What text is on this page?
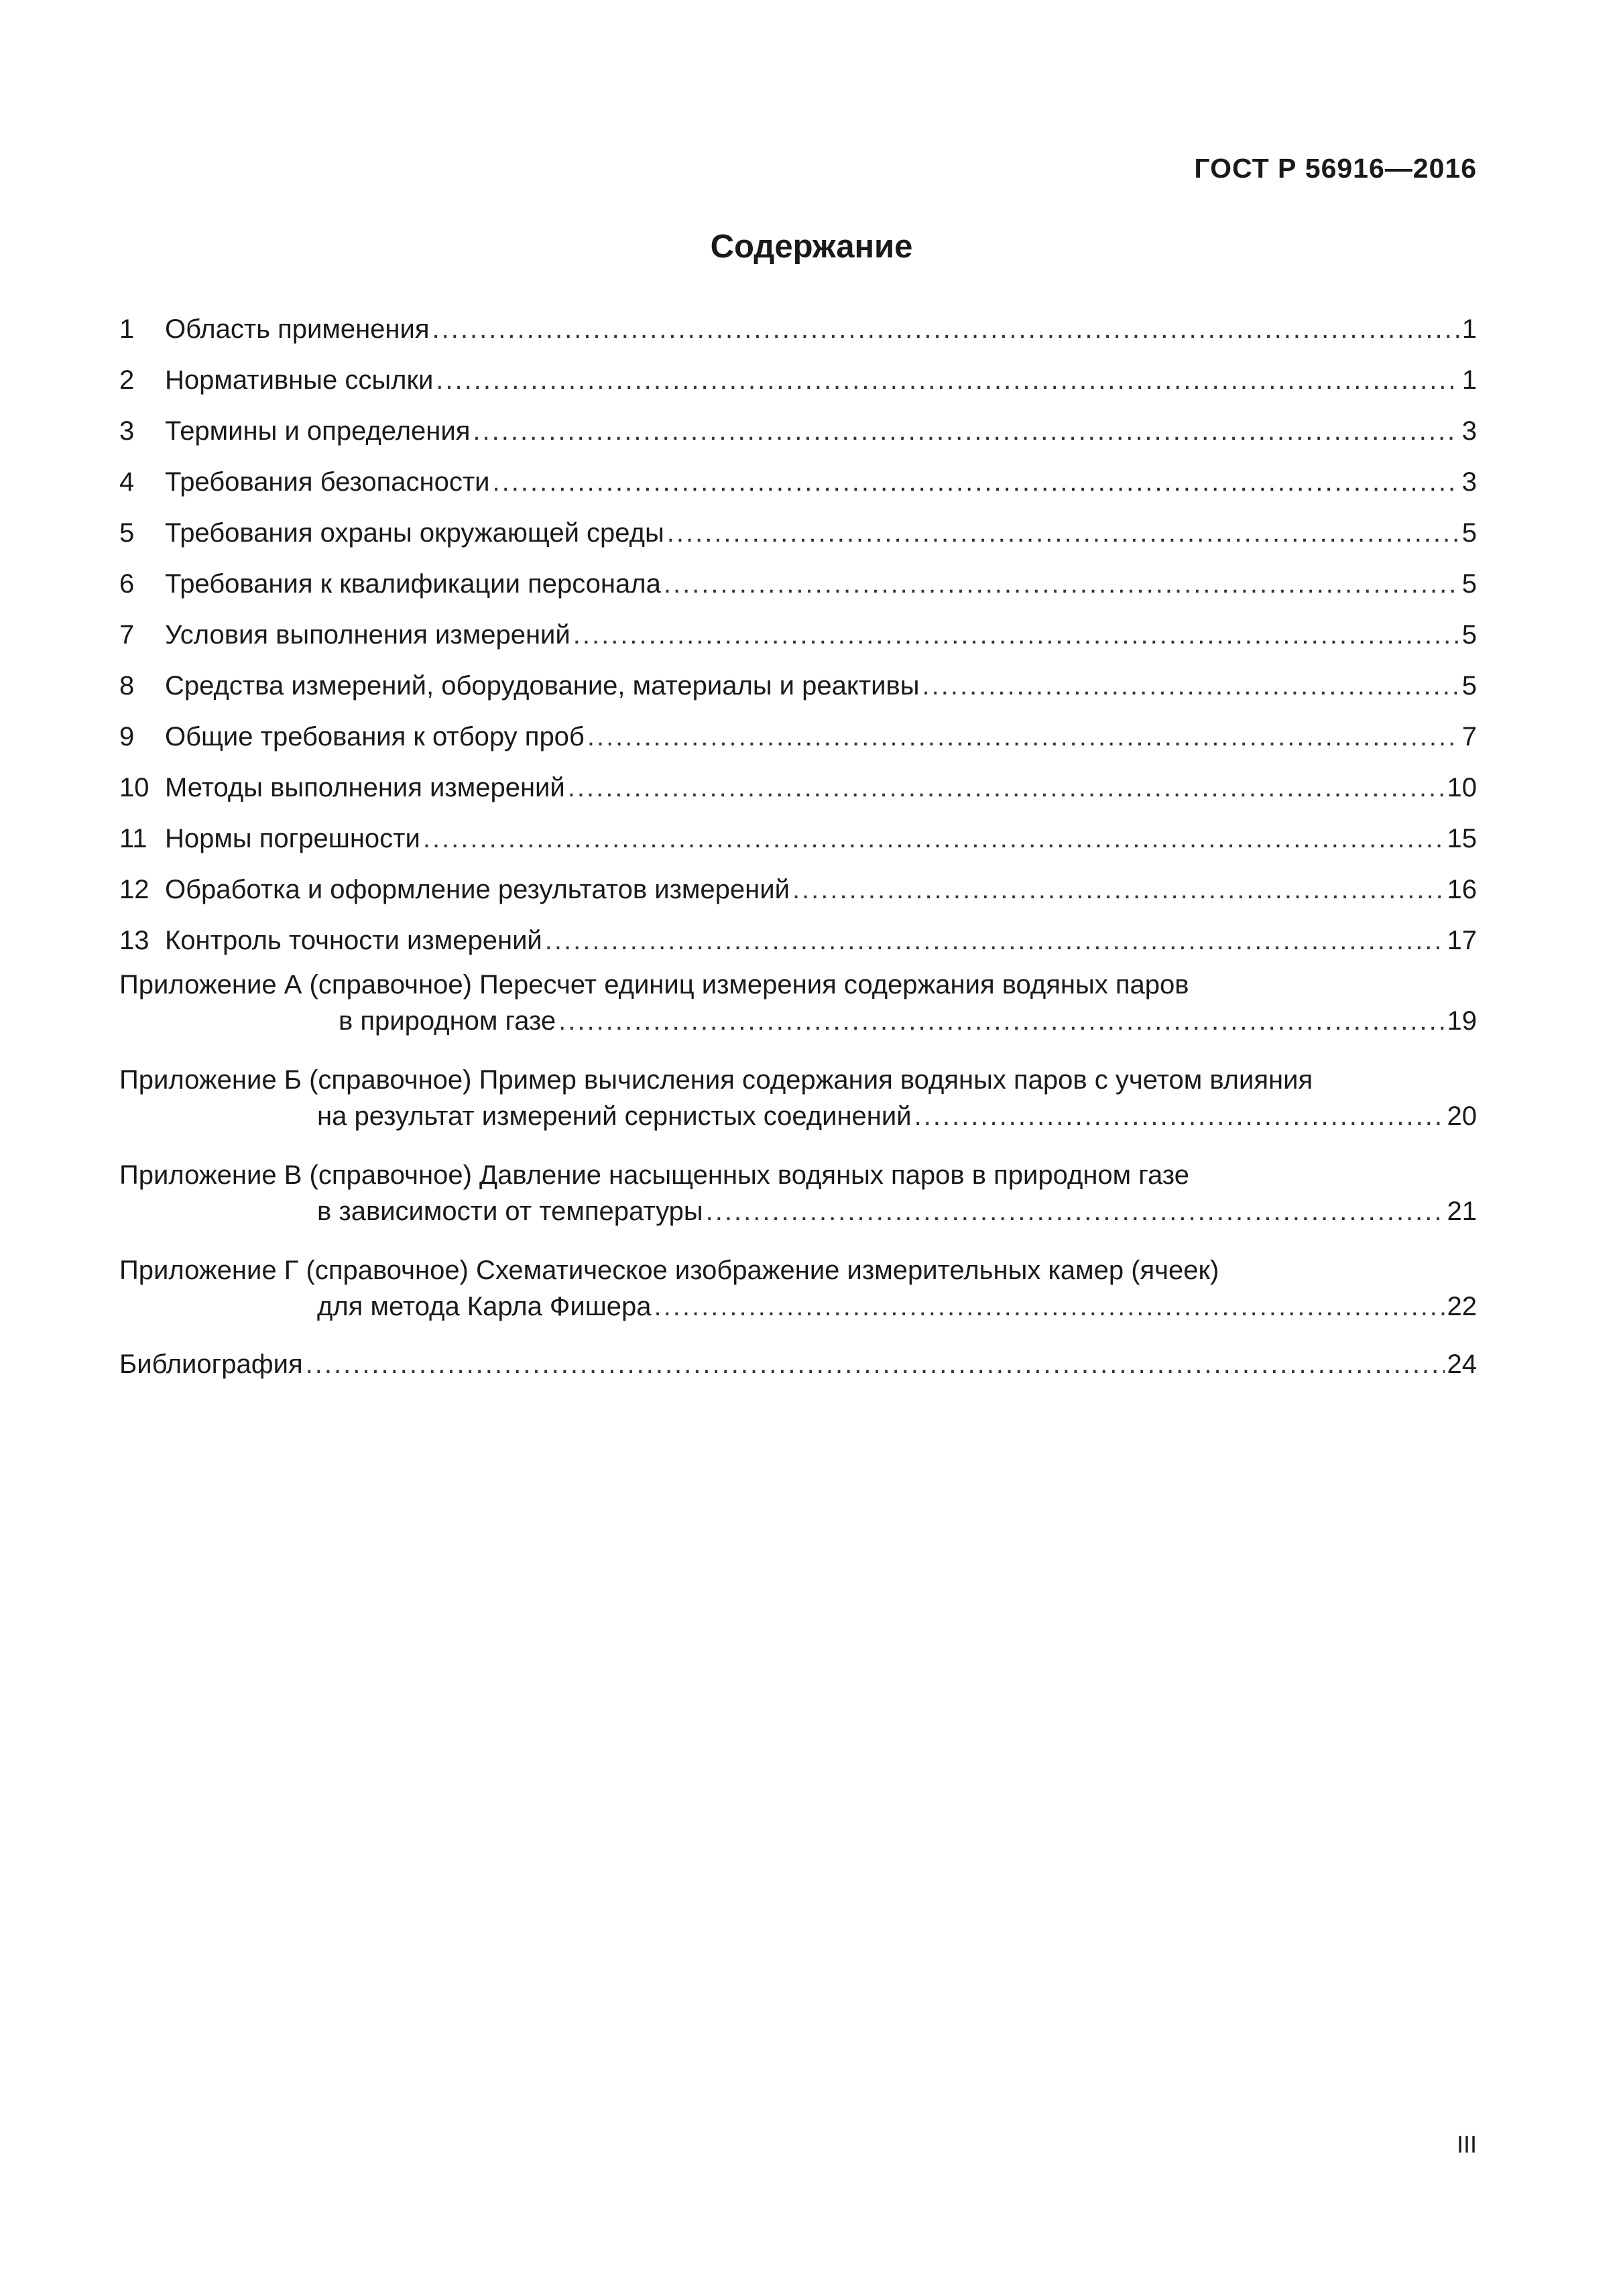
ГОСТ Р 56916—2016
Содержание
1	Область применения .....	1
2	Нормативные ссылки .....	1
3	Термины и определения .....	3
4	Требования безопасности .....	3
5	Требования охраны окружающей среды .....	5
6	Требования к квалификации персонала .....	5
7	Условия выполнения измерений .....	5
8	Средства измерений, оборудование, материалы и реактивы .....	5
9	Общие требования к отбору проб .....	7
10 Методы выполнения измерений .....	10
11 Нормы погрешности .....	15
12 Обработка и оформление результатов измерений .....	16
13 Контроль точности измерений .....	17
Приложение А (справочное) Пересчет единиц измерения содержания водяных паров
в природном газе .....	19
Приложение Б (справочное) Пример вычисления содержания водяных паров с учетом влияния
на результат измерений сернистых соединений .....	20
Приложение В (справочное) Давление насыщенных водяных паров в природном газе
в зависимости от температуры .....	21
Приложение Г (справочное) Схематическое изображение измерительных камер (ячеек)
для метода Карла Фишера .....	22
Библиография .....	24
III
